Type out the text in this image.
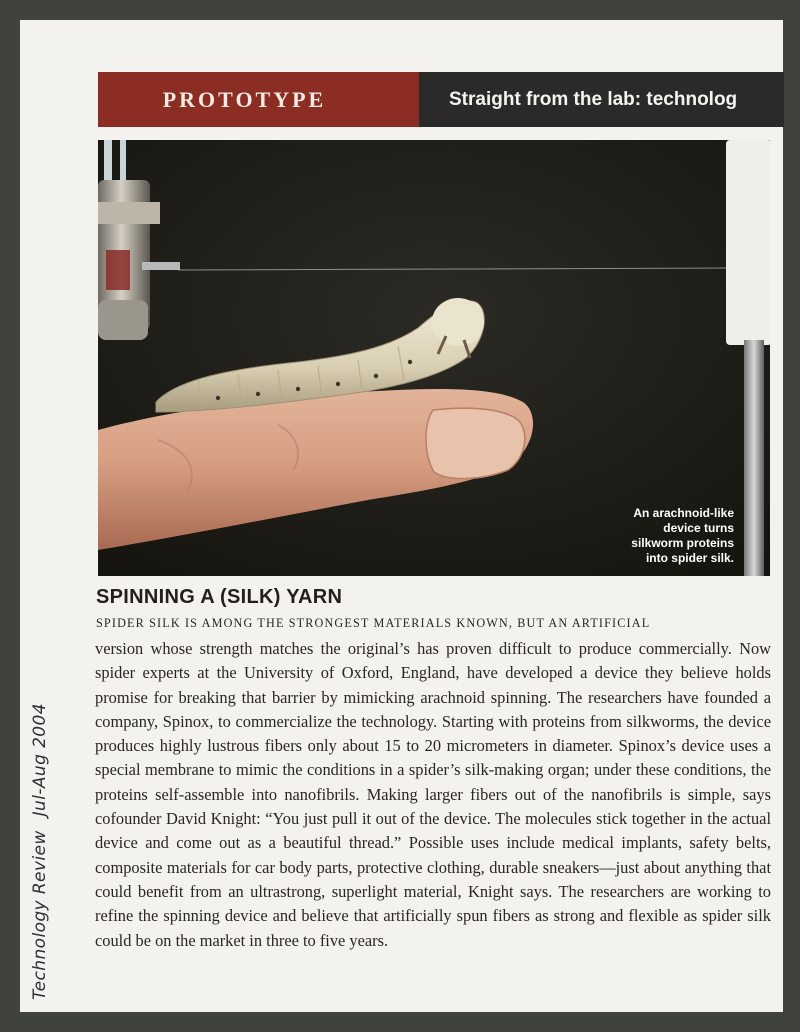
PROTOTYPE	Straight from the lab: technolog
An arachnoid-like
device turns
silkworm proteins
into spider silk.
SPINNING A (SILK) YARN
SPIDER SILK IS AMONG THE STRONGEST MATERIALS KNOWN, BUT AN ARTIFICIAL
version whose strength matches the original’s has proven difficult to produce commercially. Now spider experts at the University of Oxford, England, have developed a device they believe holds promise for breaking that barrier by mimicking arachnoid spinning. The researchers have founded a company, Spinox, to commercialize the technology. Starting with proteins from silkworms, the device produces highly lustrous fibers only about 15 to 20 micrometers in diameter. Spinox’s device uses a special membrane to mimic the conditions in a spider’s silk-making organ; under these conditions, the proteins self-assemble into nanofibrils. Making larger fibers out of the nanofibrils is simple, says cofounder David Knight: “You just pull it out of the device. The molecules stick together in the actual device and come out as a beautiful thread.” Possible uses include medical implants, safety belts, composite materials for car body parts, protective clothing, durable sneakers—just about anything that could benefit from an ultrastrong, superlight material, Knight says. The researchers are working to refine the spinning device and believe that artificially spun fibers as strong and flexible as spider silk could be on the market in three to five years.
Technology ReviewJul-Aug 2004
